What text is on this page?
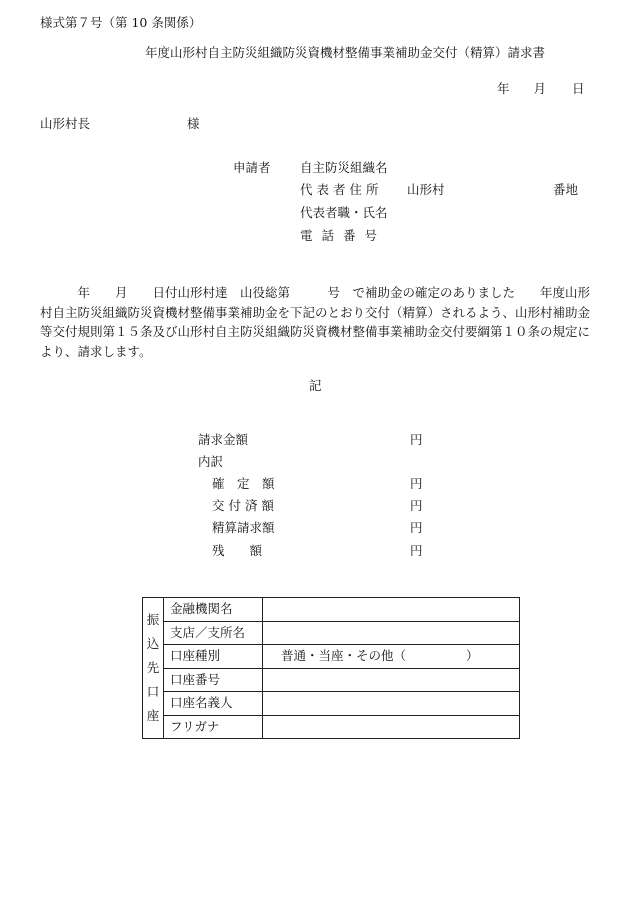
様式第７号（第 10 条関係）
年度山形村自主防災組織防災資機材整備事業補助金交付（精算）請求書
年 月 日
山形村長	様
申請者 自主防災組織名
代表者住所 山形村	番地
代表者職・氏名
電話番号
　　　年　　月　　日付山形村達　山役総第　　　号　で補助金の確定のありました　　年度山形村自主防災組織防災資機材整備事業補助金を下記のとおり交付（精算）されるよう、山形村補助金等交付規則第１５条及び山形村自主防災組織防災資機材整備事業補助金交付要綱第１０条の規定により、請求します。
記
請求金額	円
内訳
確　定　額	円
交付済額	円
精算請求額	円
残　　額	円
振
込
先
口
座	金融機関名	
	支店／支所名	
	口座種別	普通・当座・その他（ ）
	口座番号	
	口座名義人	
	フリガナ	
